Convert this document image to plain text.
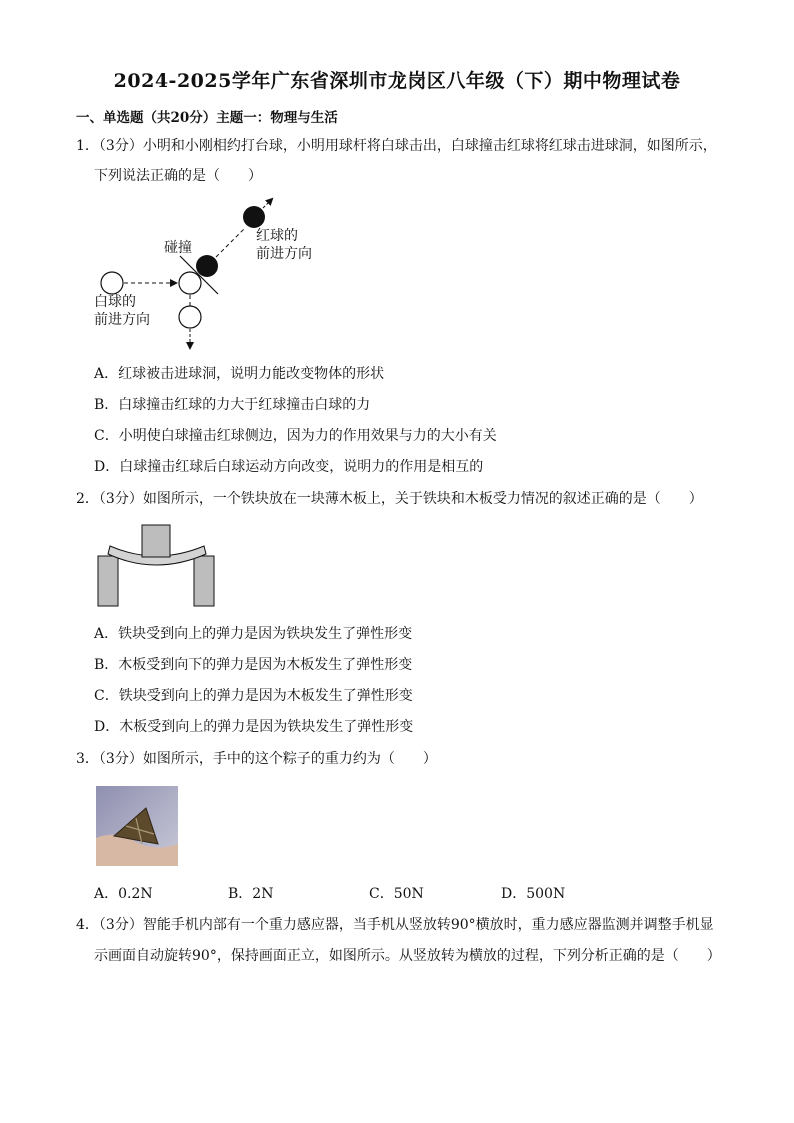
2024-2025学年广东省深圳市龙岗区八年级（下）期中物理试卷
一、单选题（共20分）主题一：物理与生活
1．（3分）小明和小刚相约打台球，小明用球杆将白球击出，白球撞击红球将红球击进球洞，如图所示，
下列说法正确的是（　　）
碰撞
红球的
前进方向
白球的
前进方向
A．红球被击进球洞，说明力能改变物体的形状
B．白球撞击红球的力大于红球撞击白球的力
C．小明使白球撞击红球侧边，因为力的作用效果与力的大小有关
D．白球撞击红球后白球运动方向改变，说明力的作用是相互的
2．（3分）如图所示，一个铁块放在一块薄木板上，关于铁块和木板受力情况的叙述正确的是（　　）
A．铁块受到向上的弹力是因为铁块发生了弹性形变
B．木板受到向下的弹力是因为木板发生了弹性形变
C．铁块受到向上的弹力是因为木板发生了弹性形变
D．木板受到向上的弹力是因为铁块发生了弹性形变
3．（3分）如图所示，手中的这个粽子的重力约为（　　）
A．0.2N	B．2N	C．50N	D．500N
4．（3分）智能手机内部有一个重力感应器，当手机从竖放转90°横放时，重力感应器监测并调整手机显
示画面自动旋转90°，保持画面正立，如图所示。从竖放转为横放的过程，下列分析正确的是（　　）
